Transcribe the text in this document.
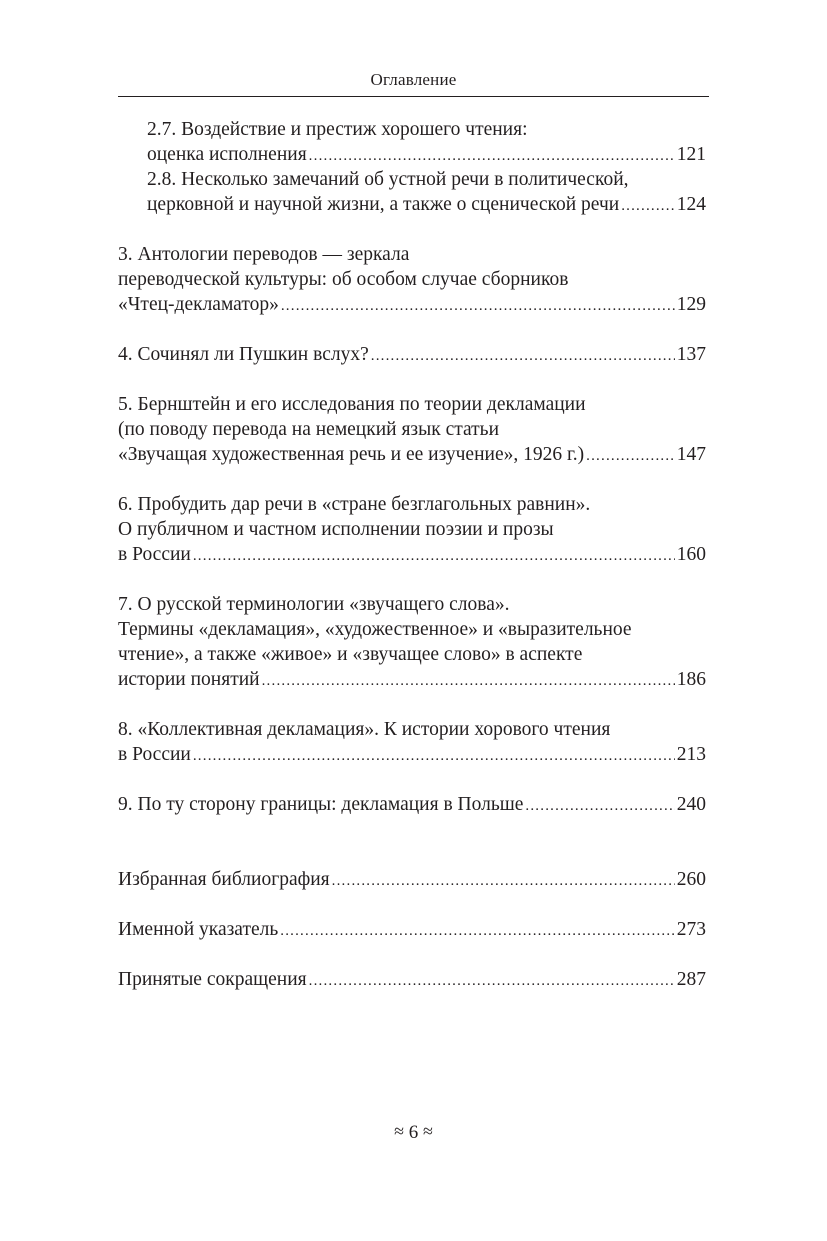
Оглавление
2.7. Воздействие и престиж хорошего чтения:
оценка исполнения .....	121
2.8. Несколько замечаний об устной речи в политической,
церковной и научной жизни, а также о сценической речи .....	124
3. Антологии переводов — зеркала
переводческой культуры: об особом случае сборников
«Чтец-декламатор» .....	129
4. Сочинял ли Пушкин вслух? .....	137
5. Бернштейн и его исследования по теории декламации
(по поводу перевода на немецкий язык статьи
«Звучащая художественная речь и ее изучение», 1926 г.) .....	147
6. Пробудить дар речи в «стране безглагольных равнин».
О публичном и частном исполнении поэзии и прозы
в России .....	160
7. О русской терминологии «звучащего слова».
Термины «декламация», «художественное» и «выразительное
чтение», а также «живое» и «звучащее слово» в аспекте
истории понятий .....	186
8. «Коллективная декламация». К истории хорового чтения
в России .....	213
9. По ту сторону границы: декламация в Польше .....	240
Избранная библиография .....	260
Именной указатель .....	273
Принятые сокращения .....	287
≈ 6 ≈
